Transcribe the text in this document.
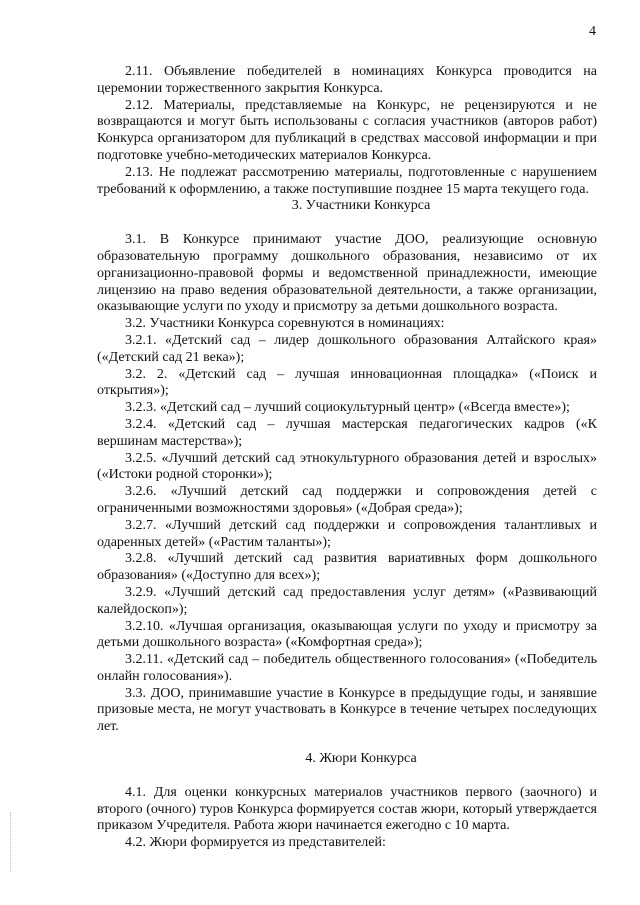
4

2.11. Объявление победителей в номинациях Конкурса проводится на церемонии торжественного закрытия Конкурса.

2.12. Материалы, представляемые на Конкурс, не рецензируются и не возвращаются и могут быть использованы с согласия участников (авторов работ) Конкурса организатором для публикаций в средствах массовой информации и при подготовке учебно-методических материалов Конкурса.

2.13. Не подлежат рассмотрению материалы, подготовленные с нарушением требований к оформлению, а также поступившие позднее 15 марта текущего года.

3. Участники Конкурса

3.1. В Конкурсе принимают участие ДОО, реализующие основную образовательную программу дошкольного образования, независимо от их организационно-правовой формы и ведомственной принадлежности, имеющие лицензию на право ведения образовательной деятельности, а также организации, оказывающие услуги по уходу и присмотру за детьми дошкольного возраста.

3.2. Участники Конкурса соревнуются в номинациях:

3.2.1. «Детский сад – лидер дошкольного образования Алтайского края» («Детский сад 21 века»);

3.2. 2. «Детский сад – лучшая инновационная площадка» («Поиск и открытия»);

3.2.3. «Детский сад – лучший социокультурный центр» («Всегда вместе»);

3.2.4. «Детский сад – лучшая мастерская педагогических кадров («К вершинам мастерства»);

3.2.5. «Лучший детский сад этнокультурного образования детей и взрослых» («Истоки родной сторонки»);

3.2.6. «Лучший детский сад поддержки и сопровождения детей с ограниченными возможностями здоровья» («Добрая среда»);

3.2.7. «Лучший детский сад поддержки и сопровождения талантливых и одаренных детей» («Растим таланты»);

3.2.8. «Лучший детский сад развития вариативных форм дошкольного образования» («Доступно для всех»);

3.2.9. «Лучший детский сад предоставления услуг детям» («Развивающий калейдоскоп»);

3.2.10. «Лучшая организация, оказывающая услуги по уходу и присмотру за детьми дошкольного возраста» («Комфортная среда»);

3.2.11. «Детский сад – победитель общественного голосования» («Победитель онлайн голосования»).

3.3. ДОО, принимавшие участие в Конкурсе в предыдущие годы, и занявшие призовые места, не могут участвовать в Конкурсе в течение четырех последующих лет.

4. Жюри Конкурса

4.1. Для оценки конкурсных материалов участников первого (заочного) и второго (очного) туров Конкурса формируется состав жюри, который утверждается приказом Учредителя. Работа жюри начинается ежегодно с 10 марта.

4.2. Жюри формируется из представителей:
